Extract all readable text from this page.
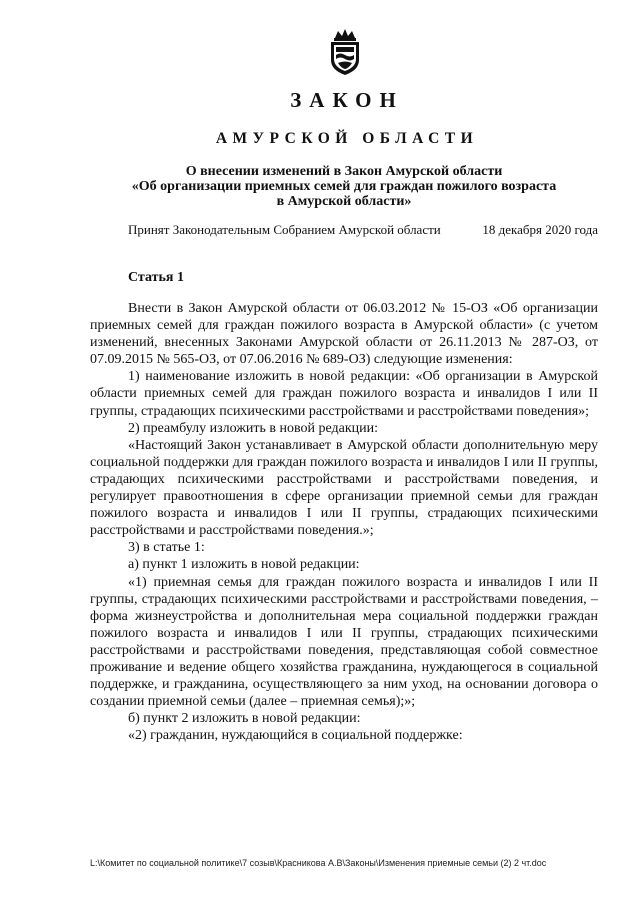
ЗАКОН
АМУРСКОЙ ОБЛАСТИ
О внесении изменений в Закон Амурской области
«Об организации приемных семей для граждан пожилого возраста
в Амурской области»
Принят Законодательным Собранием Амурской области	18 декабря 2020 года
Статья 1

Внести в Закон Амурской области от 06.03.2012 № 15-ОЗ «Об организации приемных семей для граждан пожилого возраста в Амурской области» (с учетом изменений, внесенных Законами Амурской области от 26.11.2013 № 287-ОЗ, от 07.09.2015 № 565-ОЗ, от 07.06.2016 № 689-ОЗ) следующие изменения:

1) наименование изложить в новой редакции: «Об организации в Амурской области приемных семей для граждан пожилого возраста и инвалидов I или II группы, страдающих психическими расстройствами и расстройствами поведения»;

2) преамбулу изложить в новой редакции:

«Настоящий Закон устанавливает в Амурской области дополнительную меру социальной поддержки для граждан пожилого возраста и инвалидов I или II группы, страдающих психическими расстройствами и расстройствами поведения, и регулирует правоотношения в сфере организации приемной семьи для граждан пожилого возраста и инвалидов I или II группы, страдающих психическими расстройствами и расстройствами поведения.»;

3) в статье 1:

а) пункт 1 изложить в новой редакции:

«1) приемная семья для граждан пожилого возраста и инвалидов I или II группы, страдающих психическими расстройствами и расстройствами поведения, – форма жизнеустройства и дополнительная мера социальной поддержки граждан пожилого возраста и инвалидов I или II группы, страдающих психическими расстройствами и расстройствами поведения, представляющая собой совместное проживание и ведение общего хозяйства гражданина, нуждающегося в социальной поддержке, и гражданина, осуществляющего за ним уход, на основании договора о создании приемной семьи (далее – приемная семья);»;

б) пункт 2 изложить в новой редакции:

«2) гражданин, нуждающийся в социальной поддержке:

L:\Комитет по социальной политике\7 созыв\Красникова А.В\Законы\Изменения приемные семьи (2) 2 чт.doc
